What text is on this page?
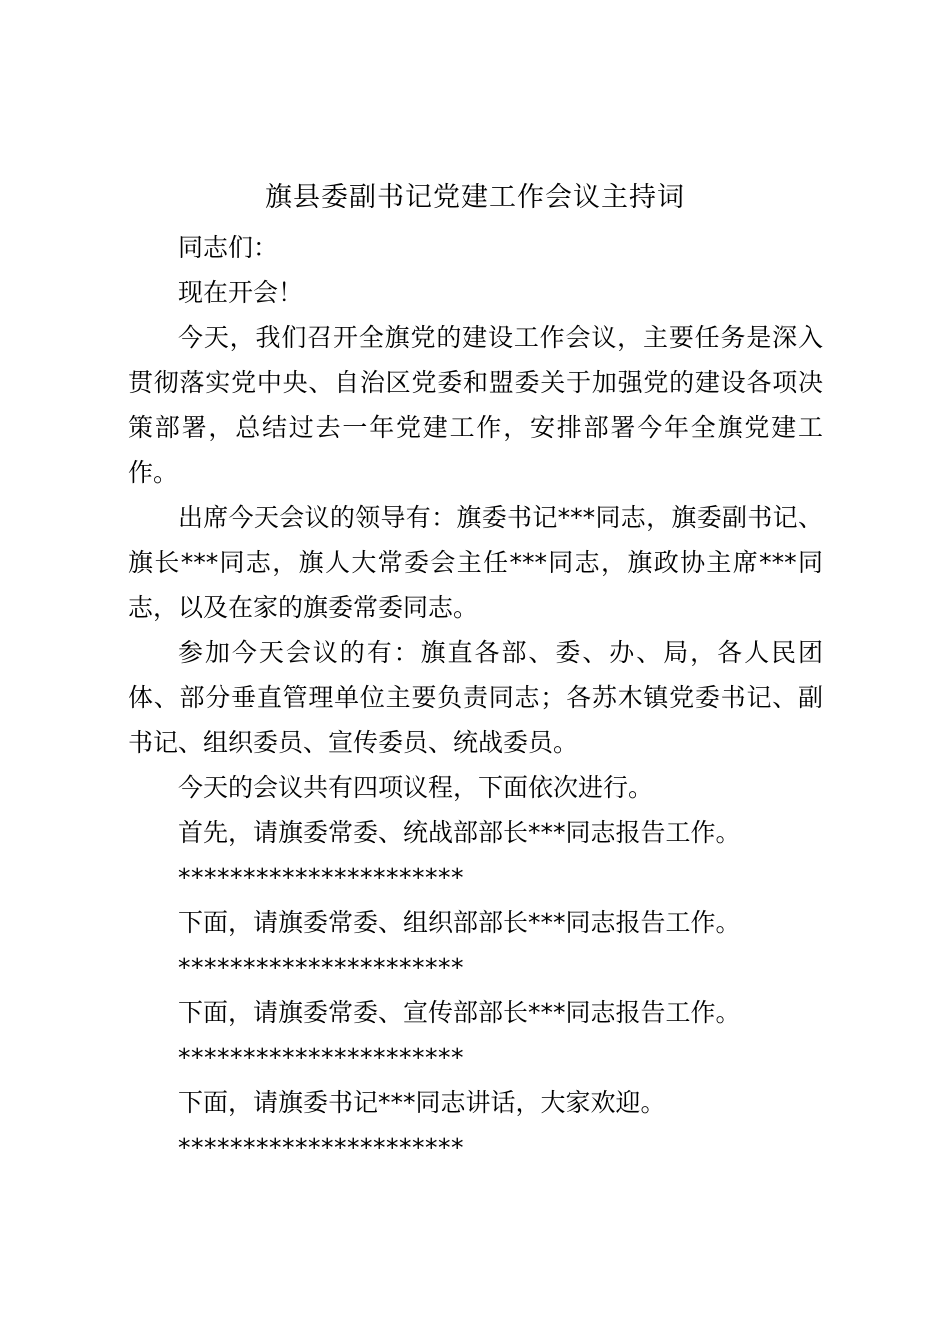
旗县委副书记党建工作会议主持词

同志们：

现在开会！

今天，我们召开全旗党的建设工作会议，主要任务是深入贯彻落实党中央、自治区党委和盟委关于加强党的建设各项决策部署，总结过去一年党建工作，安排部署今年全旗党建工作。

出席今天会议的领导有：旗委书记***同志，旗委副书记、旗长***同志，旗人大常委会主任***同志，旗政协主席***同志，以及在家的旗委常委同志。

参加今天会议的有：旗直各部、委、办、局，各人民团体、部分垂直管理单位主要负责同志；各苏木镇党委书记、副书记、组织委员、宣传委员、统战委员。

今天的会议共有四项议程，下面依次进行。

首先，请旗委常委、统战部部长***同志报告工作。

**********************

下面，请旗委常委、组织部部长***同志报告工作。

**********************

下面，请旗委常委、宣传部部长***同志报告工作。

**********************

下面，请旗委书记***同志讲话，大家欢迎。

**********************
